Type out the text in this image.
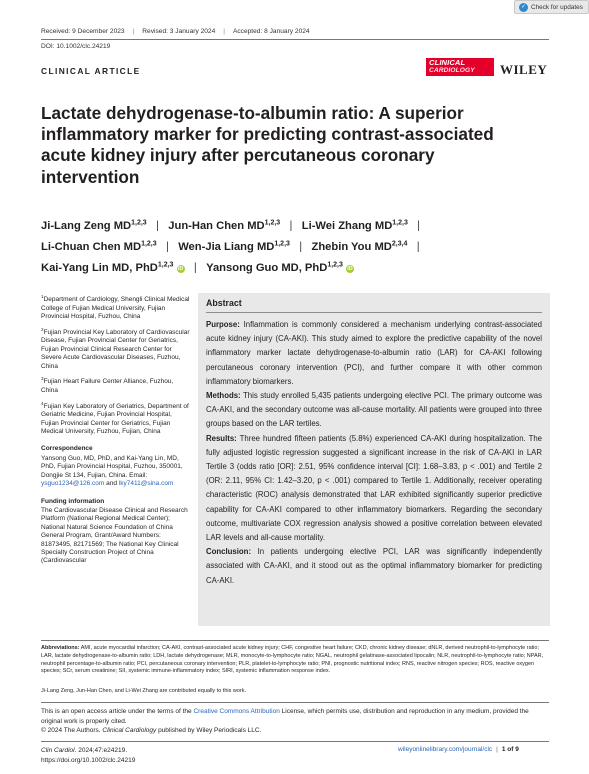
✓ Check for updates
Received: 9 December 2023 | Revised: 3 January 2024 | Accepted: 8 January 2024
DOI: 10.1002/clc.24219
CLINICAL ARTICLE
CLINICAL
CARDIOLOGY	WILEY
Lactate dehydrogenase-to-albumin ratio: A superior inflammatory marker for predicting contrast-associated acute kidney injury after percutaneous coronary intervention
Ji-Lang Zeng MD$^{1,2,3}$   |   Jun-Han Chen MD$^{1,2,3}$   |   Li-Wei Zhang MD$^{1,2,3}$   |
Li-Chuan Chen MD$^{1,2,3}$   |   Wen-Jia Liang MD$^{1,2,3}$   |   Zhebin You MD$^{2,3,4}$   |
Kai-Yang Lin MD, PhD$^{1,2,3}$ iD   |   Yansong Guo MD, PhD$^{1,2,3}$ iD
$^1$Department of Cardiology, Shengli Clinical Medical College of Fujian Medical University, Fujian Provincial Hospital, Fuzhou, China
$^2$Fujian Provincial Key Laboratory of Cardiovascular Disease, Fujian Provincial Center for Geriatrics, Fujian Provincial Clinical Research Center for Severe Acute Cardiovascular Diseases, Fuzhou, China
$^3$Fujian Heart Failure Center Alliance, Fuzhou, China
$^4$Fujian Key Laboratory of Geriatrics, Department of Geriatric Medicine, Fujian Provincial Hospital, Fujian Provincial Center for Geriatrics, Fujian Medical University, Fuzhou, Fujian, China
Correspondence
Yansong Guo, MD, PhD, and Kai-Yang Lin, MD, PhD, Fujian Provincial Hospital, Fuzhou, 350001, Dongjie St 134, Fujian, China. Email: ysguo1234@126.com and lky7411@sina.com
Funding information
The Cardiovascular Disease Clinical and Research Platform (National Regional Medical Center); National Natural Science Foundation of China General Program, Grant/Award Numbers: 81873495, 82171569; The National Key Clinical Specialty Construction Project of China (Cardiovascular
Abstract

Purpose: Inflammation is commonly considered a mechanism underlying contrast-associated acute kidney injury (CA-AKI). This study aimed to explore the predictive capability of the novel inflammatory marker lactate dehydrogenase-to-albumin ratio (LAR) for CA-AKI following percutaneous coronary intervention (PCI), and further compare it with other common inflammatory biomarkers.

Methods: This study enrolled 5,435 patients undergoing elective PCI. The primary outcome was CA-AKI, and the secondary outcome was all-cause mortality. All patients were grouped into three groups based on the LAR tertiles.

Results: Three hundred fifteen patients (5.8%) experienced CA-AKI during hospitalization. The fully adjusted logistic regression suggested a significant increase in the risk of CA-AKI in LAR Tertile 3 (odds ratio [OR]: 2.51, 95% confidence interval [CI]: 1.68–3.83, p < .001) and Tertile 2 (OR: 2.11, 95% CI: 1.42–3.20, p < .001) compared to Tertile 1. Additionally, receiver operating characteristic (ROC) analysis demonstrated that LAR exhibited significantly superior predictive capability for CA-AKI compared to other inflammatory biomarkers. Regarding the secondary outcome, multivariate COX regression analysis showed a positive correlation between elevated LAR levels and all-cause mortality.

Conclusion: In patients undergoing elective PCI, LAR was significantly independently associated with CA-AKI, and it stood out as the optimal inflammatory biomarker for predicting CA-AKI.

Abbreviations: AMI, acute myocardial infarction; CA-AKI, contrast-associated acute kidney injury; CHF, congestive heart failure; CKD, chronic kidney disease; dNLR, derived neutrophil-to-lymphocyte ratio; LAR, lactate dehydrogenase-to-albumin ratio; LDH, lactate dehydrogenase; MLR, monocyte-to-lymphocyte ratio; NGAL, neutrophil gelatinase-associated lipocalin; NLR, neutrophil-to-lymphocyte ratio; NPAR, neutrophil percentage-to-albumin ratio; PCI, percutaneous coronary intervention; PLR, platelet-to-lymphocyte ratio; PNI, prognostic nutritional index; RNS, reactive nitrogen species; ROS, reactive oxygen species; SCr, serum creatinine; SII, systemic immune-inflammatory index; SIRI, systemic inflammation response index.
Ji-Lang Zeng, Jun-Han Chen, and Li-Wei Zhang are contributed equally to this work.
This is an open access article under the terms of the Creative Commons Attribution License, which permits use, distribution and reproduction in any medium, provided the original work is properly cited.
© 2024 The Authors. Clinical Cardiology published by Wiley Periodicals LLC.
Clin Cardiol. 2024;47:e24219.
https://doi.org/10.1002/clc.24219
wileyonlinelibrary.com/journal/clc | 1 of 9
